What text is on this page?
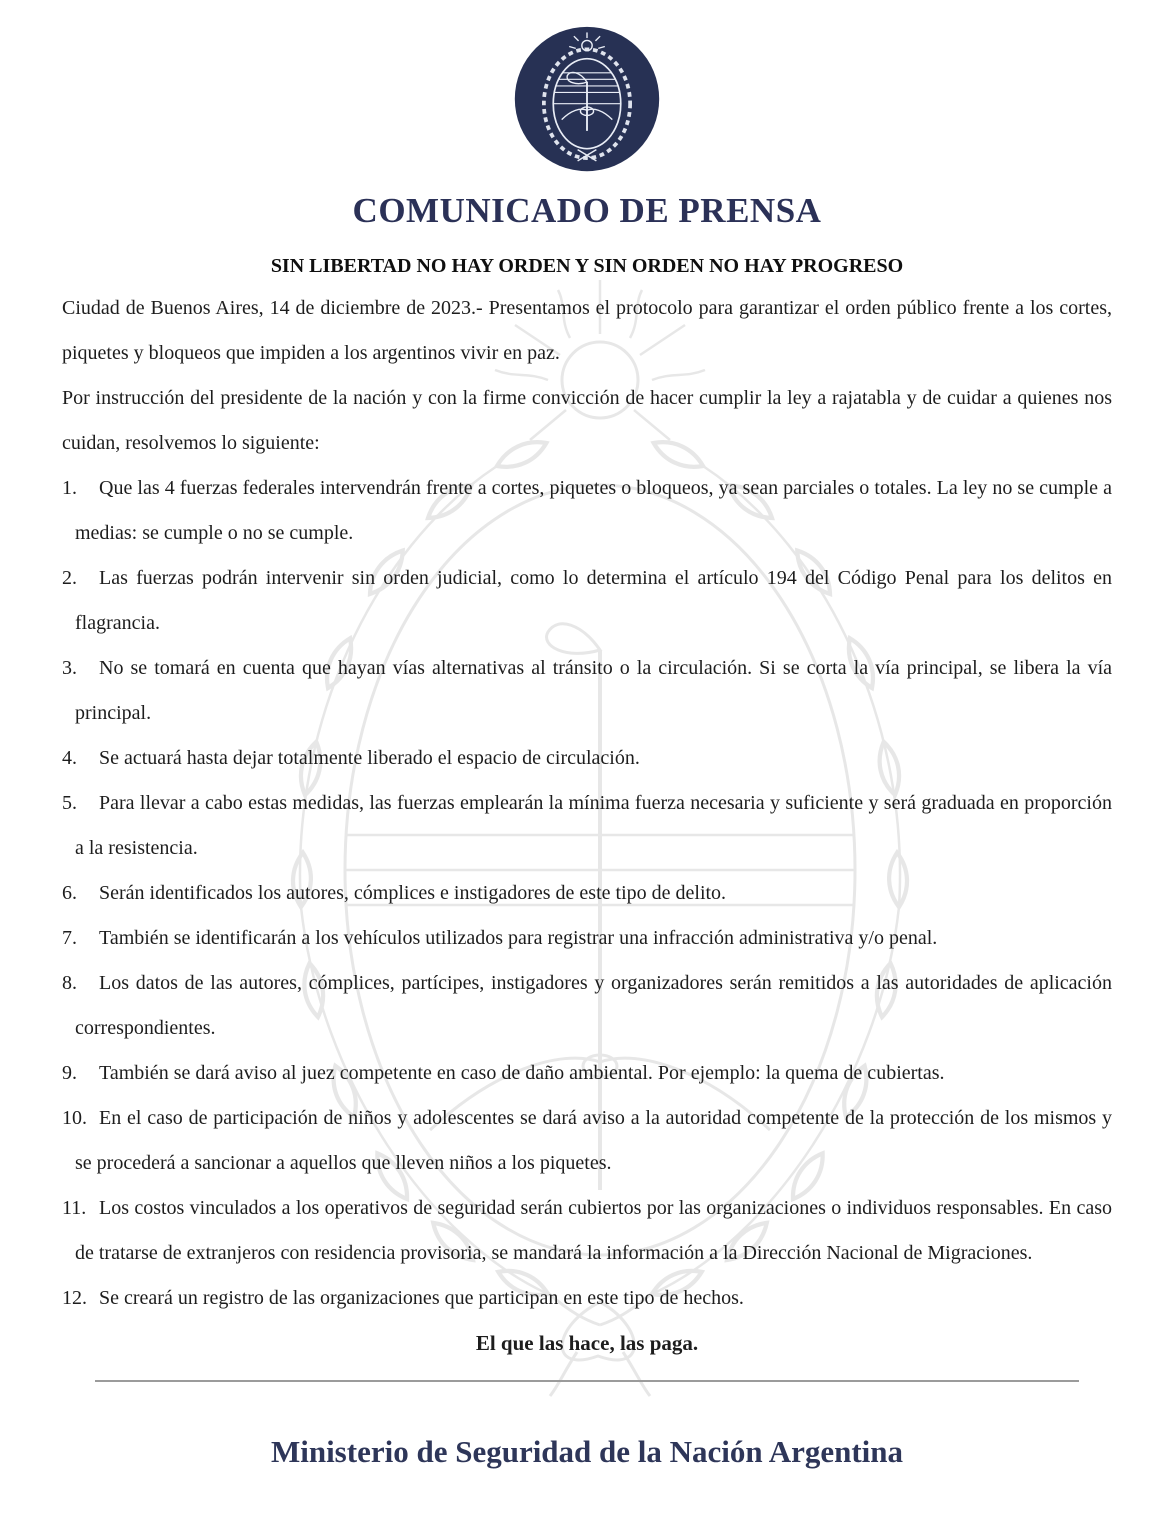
COMUNICADO DE PRENSA

SIN LIBERTAD NO HAY ORDEN Y SIN ORDEN NO HAY PROGRESO

Ciudad de Buenos Aires, 14 de diciembre de 2023.- Presentamos el protocolo para garantizar el orden público frente a los cortes, piquetes y bloqueos que impiden a los argentinos vivir en paz.

Por instrucción del presidente de la nación y con la firme convicción de hacer cumplir la ley a rajatabla y de cuidar a quienes nos cuidan, resolvemos lo siguiente:

1. Que las 4 fuerzas federales intervendrán frente a cortes, piquetes o bloqueos, ya sean parciales o totales. La ley no se cumple a medias: se cumple o no se cumple.
2. Las fuerzas podrán intervenir sin orden judicial, como lo determina el artículo 194 del Código Penal para los delitos en flagrancia.
3. No se tomará en cuenta que hayan vías alternativas al tránsito o la circulación. Si se corta la vía principal, se libera la vía principal.
4. Se actuará hasta dejar totalmente liberado el espacio de circulación.
5. Para llevar a cabo estas medidas, las fuerzas emplearán la mínima fuerza necesaria y suficiente y será graduada en proporción a la resistencia.
6. Serán identificados los autores, cómplices e instigadores de este tipo de delito.
7. También se identificarán a los vehículos utilizados para registrar una infracción administrativa y/o penal.
8. Los datos de las autores, cómplices, partícipes, instigadores y organizadores serán remitidos a las autoridades de aplicación correspondientes.
9. También se dará aviso al juez competente en caso de daño ambiental. Por ejemplo: la quema de cubiertas.
10. En el caso de participación de niños y adolescentes se dará aviso a la autoridad competente de la protección de los mismos y se procederá a sancionar a aquellos que lleven niños a los piquetes.
11. Los costos vinculados a los operativos de seguridad serán cubiertos por las organizaciones o individuos responsables. En caso de tratarse de extranjeros con residencia provisoria, se mandará la información a la Dirección Nacional de Migraciones.
12. Se creará un registro de las organizaciones que participan en este tipo de hechos.

El que las hace, las paga.

Ministerio de Seguridad de la Nación Argentina
